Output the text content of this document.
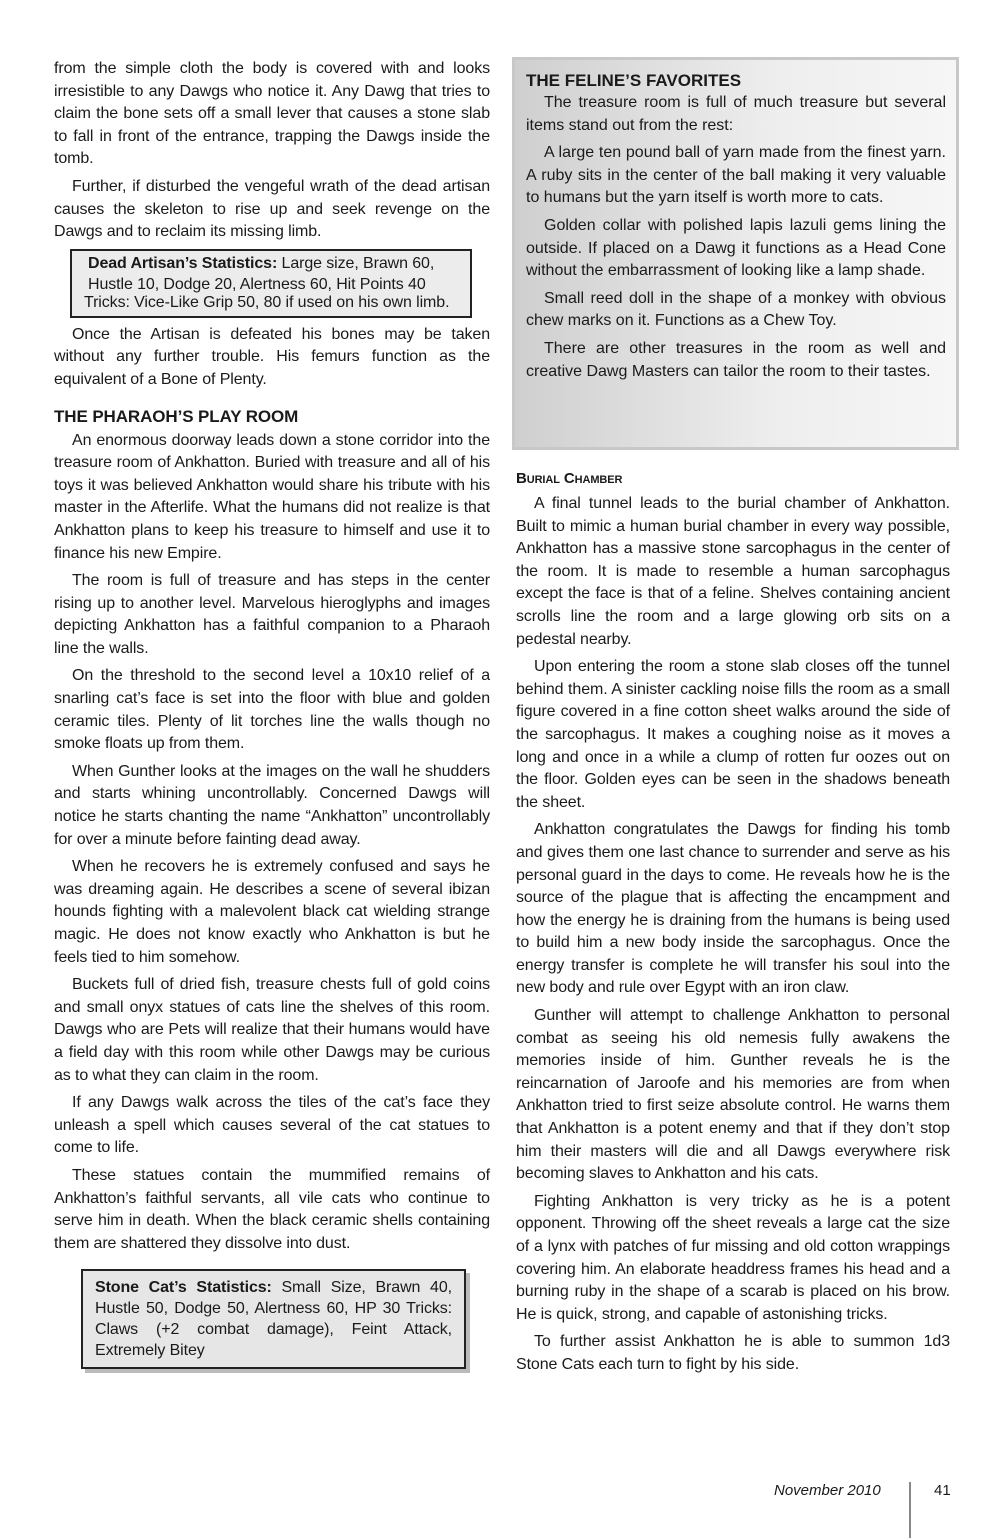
from the simple cloth the body is covered with and looks irresistible to any Dawgs who notice it. Any Dawg that tries to claim the bone sets off a small lever that causes a stone slab to fall in front of the entrance, trapping the Dawgs inside the tomb.

Further, if disturbed the vengeful wrath of the dead artisan causes the skeleton to rise up and seek revenge on the Dawgs and to reclaim its missing limb.

Dead Artisan’s Statistics: Large size, Brawn 60, Hustle 10, Dodge 20, Alertness 60, Hit Points 40
Tricks: Vice-Like Grip 50, 80 if used on his own limb.

Once the Artisan is defeated his bones may be taken without any further trouble. His femurs function as the equivalent of a Bone of Plenty.

THE PHARAOH’S PLAY ROOM

An enormous doorway leads down a stone corridor into the treasure room of Ankhatton. Buried with treasure and all of his toys it was believed Ankhatton would share his tribute with his master in the Afterlife. What the humans did not realize is that Ankhatton plans to keep his treasure to himself and use it to finance his new Empire.

The room is full of treasure and has steps in the center rising up to another level. Marvelous hieroglyphs and images depicting Ankhatton has a faithful companion to a Pharaoh line the walls.

On the threshold to the second level a 10x10 relief of a snarling cat’s face is set into the floor with blue and golden ceramic tiles. Plenty of lit torches line the walls though no smoke floats up from them.

When Gunther looks at the images on the wall he shudders and starts whining uncontrollably. Concerned Dawgs will notice he starts chanting the name “Ankhatton” uncontrollably for over a minute before fainting dead away.

When he recovers he is extremely confused and says he was dreaming again. He describes a scene of several ibizan hounds fighting with a malevolent black cat wielding strange magic. He does not know exactly who Ankhatton is but he feels tied to him somehow.

Buckets full of dried fish, treasure chests full of gold coins and small onyx statues of cats line the shelves of this room. Dawgs who are Pets will realize that their humans would have a field day with this room while other Dawgs may be curious as to what they can claim in the room.

If any Dawgs walk across the tiles of the cat’s face they unleash a spell which causes several of the cat statues to come to life.

These statues contain the mummified remains of Ankhatton’s faithful servants, all vile cats who continue to serve him in death. When the black ceramic shells containing them are shattered they dissolve into dust.

Stone Cat’s Statistics: Small Size, Brawn 40, Hustle 50, Dodge 50, Alertness 60, HP 30 Tricks: Claws (+2 combat damage), Feint Attack, Extremely Bitey
THE FELINE’S FAVORITES

The treasure room is full of much treasure but several items stand out from the rest:

A large ten pound ball of yarn made from the finest yarn. A ruby sits in the center of the ball making it very valuable to humans but the yarn itself is worth more to cats.

Golden collar with polished lapis lazuli gems lining the outside. If placed on a Dawg it functions as a Head Cone without the embarrassment of looking like a lamp shade.

Small reed doll in the shape of a monkey with obvious chew marks on it. Functions as a Chew Toy.

There are other treasures in the room as well and creative Dawg Masters can tailor the room to their tastes.

Burial Chamber

A final tunnel leads to the burial chamber of Ankhatton. Built to mimic a human burial chamber in every way possible, Ankhatton has a massive stone sarcophagus in the center of the room. It is made to resemble a human sarcophagus except the face is that of a feline. Shelves containing ancient scrolls line the room and a large glowing orb sits on a pedestal nearby.

Upon entering the room a stone slab closes off the tunnel behind them. A sinister cackling noise fills the room as a small figure covered in a fine cotton sheet walks around the side of the sarcophagus. It makes a coughing noise as it moves a long and once in a while a clump of rotten fur oozes out on the floor. Golden eyes can be seen in the shadows beneath the sheet.

Ankhatton congratulates the Dawgs for finding his tomb and gives them one last chance to surrender and serve as his personal guard in the days to come. He reveals how he is the source of the plague that is affecting the encampment and how the energy he is draining from the humans is being used to build him a new body inside the sarcophagus. Once the energy transfer is complete he will transfer his soul into the new body and rule over Egypt with an iron claw.

Gunther will attempt to challenge Ankhatton to personal combat as seeing his old nemesis fully awakens the memories inside of him. Gunther reveals he is the reincarnation of Jaroofe and his memories are from when Ankhatton tried to first seize absolute control. He warns them that Ankhatton is a potent enemy and that if they don’t stop him their masters will die and all Dawgs everywhere risk becoming slaves to Ankhatton and his cats.

Fighting Ankhatton is very tricky as he is a potent opponent. Throwing off the sheet reveals a large cat the size of a lynx with patches of fur missing and old cotton wrappings covering him. An elaborate headdress frames his head and a burning ruby in the shape of a scarab is placed on his brow. He is quick, strong, and capable of astonishing tricks.

To further assist Ankhatton he is able to summon 1d3 Stone Cats each turn to fight by his side.

November 2010	41
